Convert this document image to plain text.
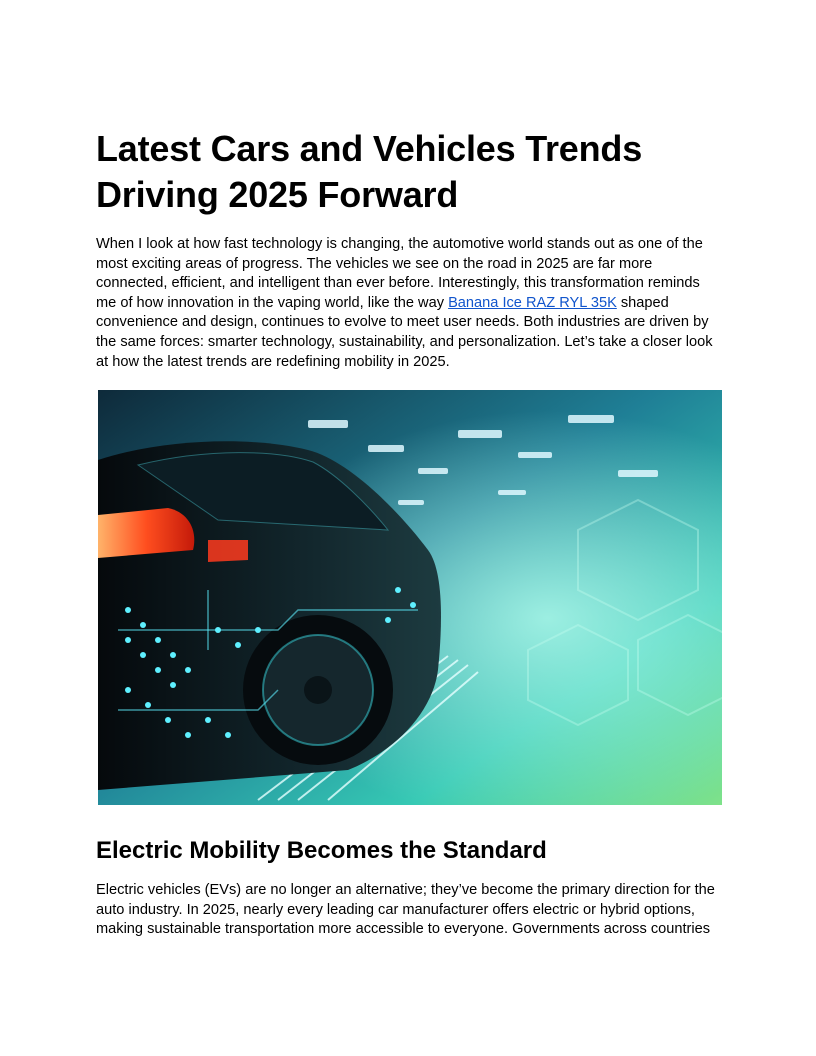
Latest Cars and Vehicles Trends Driving 2025 Forward

When I look at how fast technology is changing, the automotive world stands out as one of the most exciting areas of progress. The vehicles we see on the road in 2025 are far more connected, efficient, and intelligent than ever before. Interestingly, this transformation reminds me of how innovation in the vaping world, like the way Banana Ice RAZ RYL 35K shaped convenience and design, continues to evolve to meet user needs. Both industries are driven by the same forces: smarter technology, sustainability, and personalization. Let’s take a closer look at how the latest trends are redefining mobility in 2025.

Electric Mobility Becomes the Standard

Electric vehicles (EVs) are no longer an alternative; they’ve become the primary direction for the auto industry. In 2025, nearly every leading car manufacturer offers electric or hybrid options, making sustainable transportation more accessible to everyone. Governments across countries
